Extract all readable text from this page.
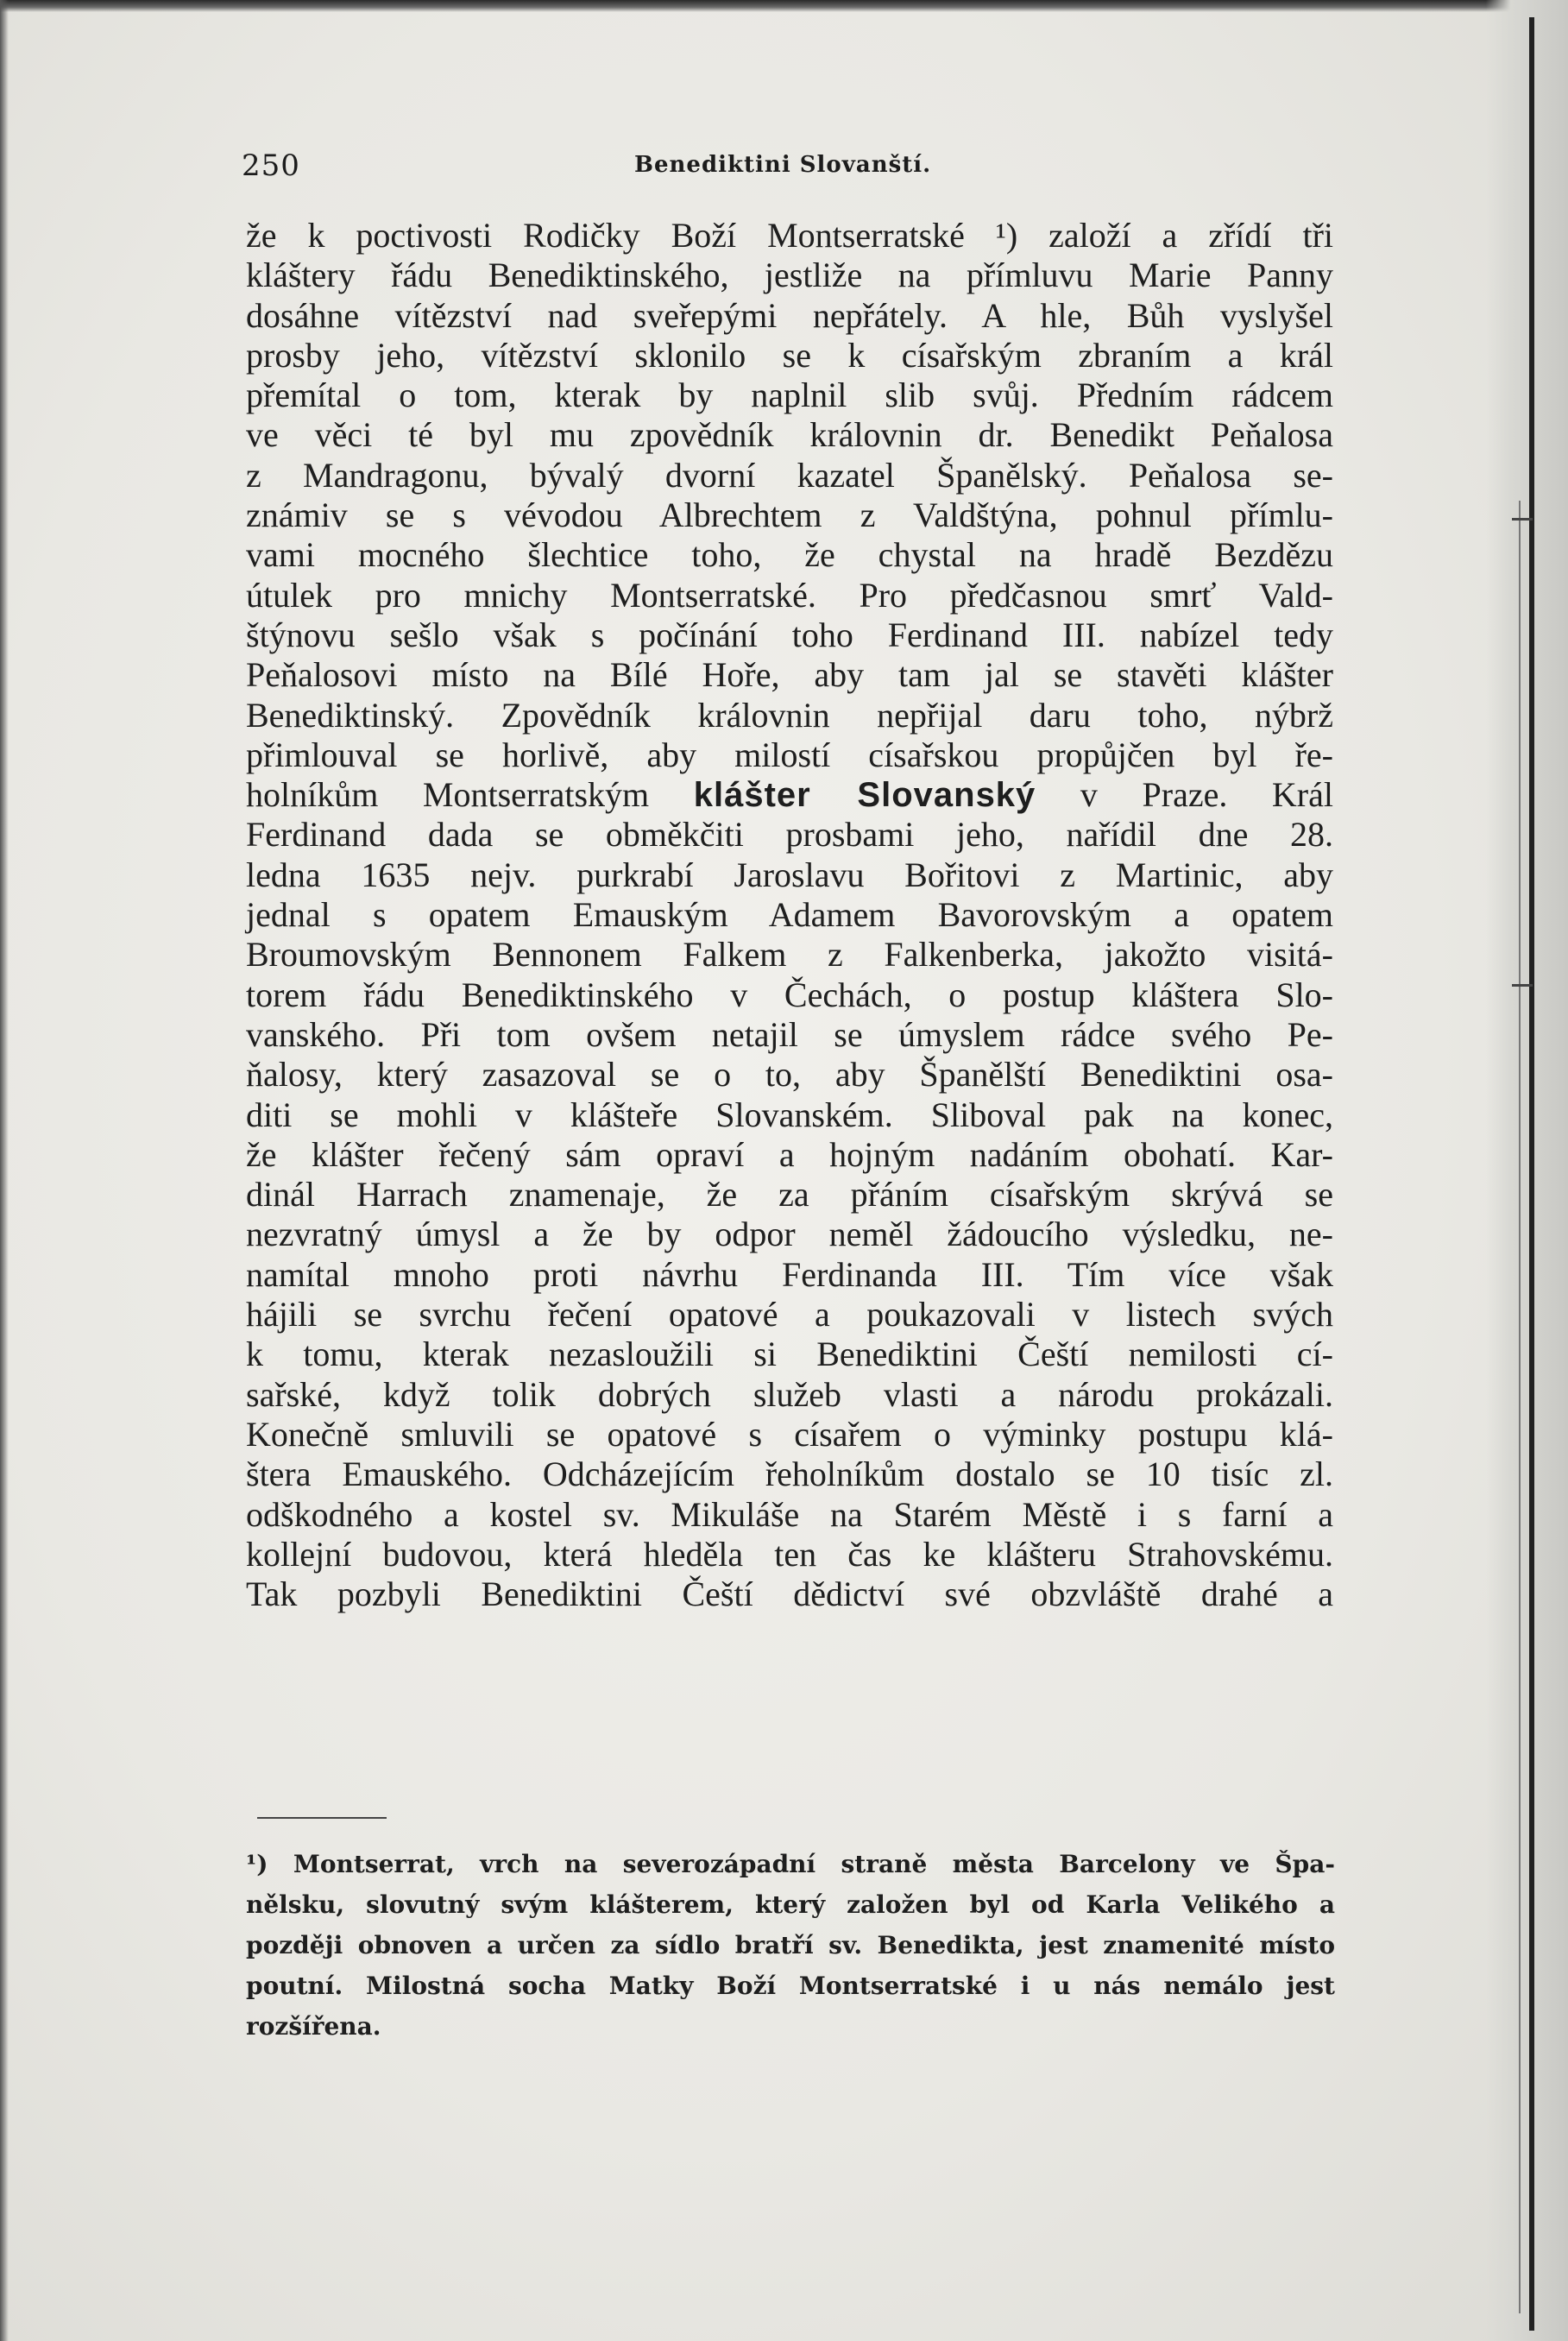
250	Benediktini Slovanští.
že k poctivosti Rodičky Boží Montserratské ¹) založí a zřídí tři
kláštery řádu Benediktinského, jestliže na přímluvu Marie Panny
dosáhne vítězství nad sveřepými nepřátely. A hle, Bůh vyslyšel
prosby jeho, vítězství sklonilo se k císařským zbraním a král
přemítal o tom, kterak by naplnil slib svůj. Předním rádcem
ve věci té byl mu zpovědník královnin dr. Benedikt Peňalosa
z Mandragonu, bývalý dvorní kazatel Španělský. Peňalosa se-
známiv se s vévodou Albrechtem z Valdštýna, pohnul přímlu-
vami mocného šlechtice toho, že chystal na hradě Bezdězu
útulek pro mnichy Montserratské. Pro předčasnou smrť Vald-
štýnovu sešlo však s počínání toho Ferdinand III. nabízel tedy
Peňalosovi místo na Bílé Hoře, aby tam jal se stavěti klášter
Benediktinský. Zpovědník královnin nepřijal daru toho, nýbrž
přimlouval se horlivě, aby milostí císařskou propůjčen byl ře-
holníkům Montserratským klášter Slovanský v Praze. Král
Ferdinand dada se obměkčiti prosbami jeho, nařídil dne 28.
ledna 1635 nejv. purkrabí Jaroslavu Bořitovi z Martinic, aby
jednal s opatem Emauským Adamem Bavorovským a opatem
Broumovským Bennonem Falkem z Falkenberka, jakožto visitá-
torem řádu Benediktinského v Čechách, o postup kláštera Slo-
vanského. Při tom ovšem netajil se úmyslem rádce svého Pe-
ňalosy, který zasazoval se o to, aby Španělští Benediktini osa-
diti se mohli v klášteře Slovanském. Sliboval pak na konec,
že klášter řečený sám opraví a hojným nadáním obohatí. Kar-
dinál Harrach znamenaje, že za přáním císařským skrývá se
nezvratný úmysl a že by odpor neměl žádoucího výsledku, ne-
namítal mnoho proti návrhu Ferdinanda III. Tím více však
hájili se svrchu řečení opatové a poukazovali v listech svých
k tomu, kterak nezasloužili si Benediktini Čeští nemilosti cí-
sařské, když tolik dobrých služeb vlasti a národu prokázali.
Konečně smluvili se opatové s císařem o výminky postupu klá-
štera Emauského. Odcházejícím řeholníkům dostalo se 10 tisíc zl.
odškodného a kostel sv. Mikuláše na Starém Městě i s farní a
kollejní budovou, která hleděla ten čas ke klášteru Strahovskému.
Tak pozbyli Benediktini Čeští dědictví své obzvláště drahé a
¹) Montserrat, vrch na severozápadní straně města Barcelony ve Špa-
nělsku, slovutný svým klášterem, který založen byl od Karla Velikého a
později obnoven a určen za sídlo bratří sv. Benedikta, jest znamenité místo
poutní. Milostná socha Matky Boží Montserratské i u nás nemálo jest
rozšířena.
